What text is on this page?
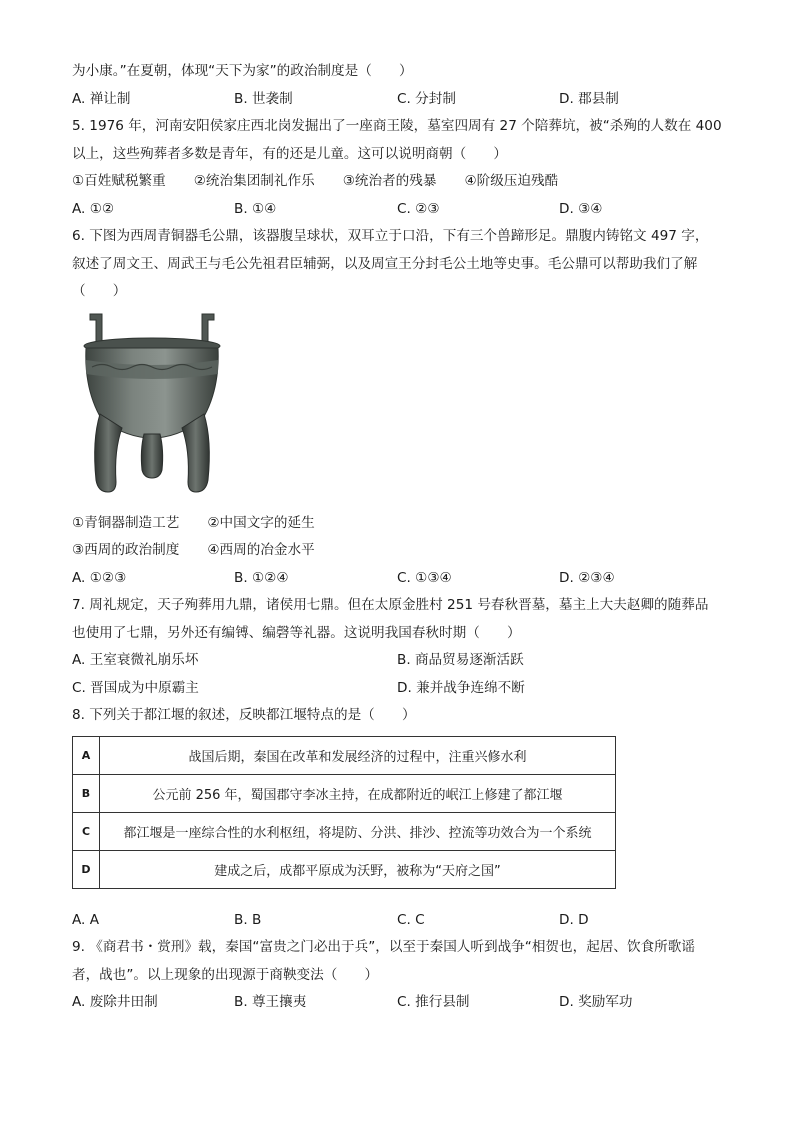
为小康。”在夏朝，体现“天下为家”的政治制度是（　　）
A. 禅让制	B. 世袭制	C. 分封制	D. 郡县制
5. 1976 年，河南安阳侯家庄西北岗发掘出了一座商王陵，墓室四周有 27 个陪葬坑，被“杀殉的人数在 400
以上，这些殉葬者多数是青年，有的还是儿童。这可以说明商朝（　　）
①百姓赋税繁重 ②统治集团制礼作乐 ③统治者的残暴 ④阶级压迫残酷
A. ①②	B. ①④	C. ②③	D. ③④
6. 下图为西周青铜器毛公鼎，该器腹呈球状，双耳立于口沿，下有三个兽蹄形足。鼎腹内铸铭文 497 字，
叙述了周文王、周武王与毛公先祖君臣辅弼，以及周宣王分封毛公土地等史事。毛公鼎可以帮助我们了解
（　　）
①青铜器制造工艺 ②中国文字的延生
③西周的政治制度 ④西周的冶金水平
A. ①②③	B. ①②④	C. ①③④	D. ②③④
7. 周礼规定，天子殉葬用九鼎，诸侯用七鼎。但在太原金胜村 251 号春秋晋墓，墓主上大夫赵卿的随葬品
也使用了七鼎，另外还有编镈、编磬等礼器。这说明我国春秋时期（　　）
A. 王室衰微礼崩乐坏	B. 商品贸易逐渐活跃
C. 晋国成为中原霸主	D. 兼并战争连绵不断
8. 下列关于都江堰的叙述，反映都江堰特点的是（　　）
A	战国后期，秦国在改革和发展经济的过程中，注重兴修水利
B	公元前 256 年，蜀国郡守李冰主持，在成都附近的岷江上修建了都江堰
C	都江堰是一座综合性的水利枢纽，将堤防、分洪、排沙、控流等功效合为一个系统
D	建成之后，成都平原成为沃野，被称为“天府之国”
A. A	B. B	C. C	D. D
9. 《商君书・赏刑》载，秦国“富贵之门必出于兵”，以至于秦国人听到战争“相贺也，起居、饮食所歌谣
者，战也”。以上现象的出现源于商鞅变法（　　）
A. 废除井田制	B. 尊王攘夷	C. 推行县制	D. 奖励军功
